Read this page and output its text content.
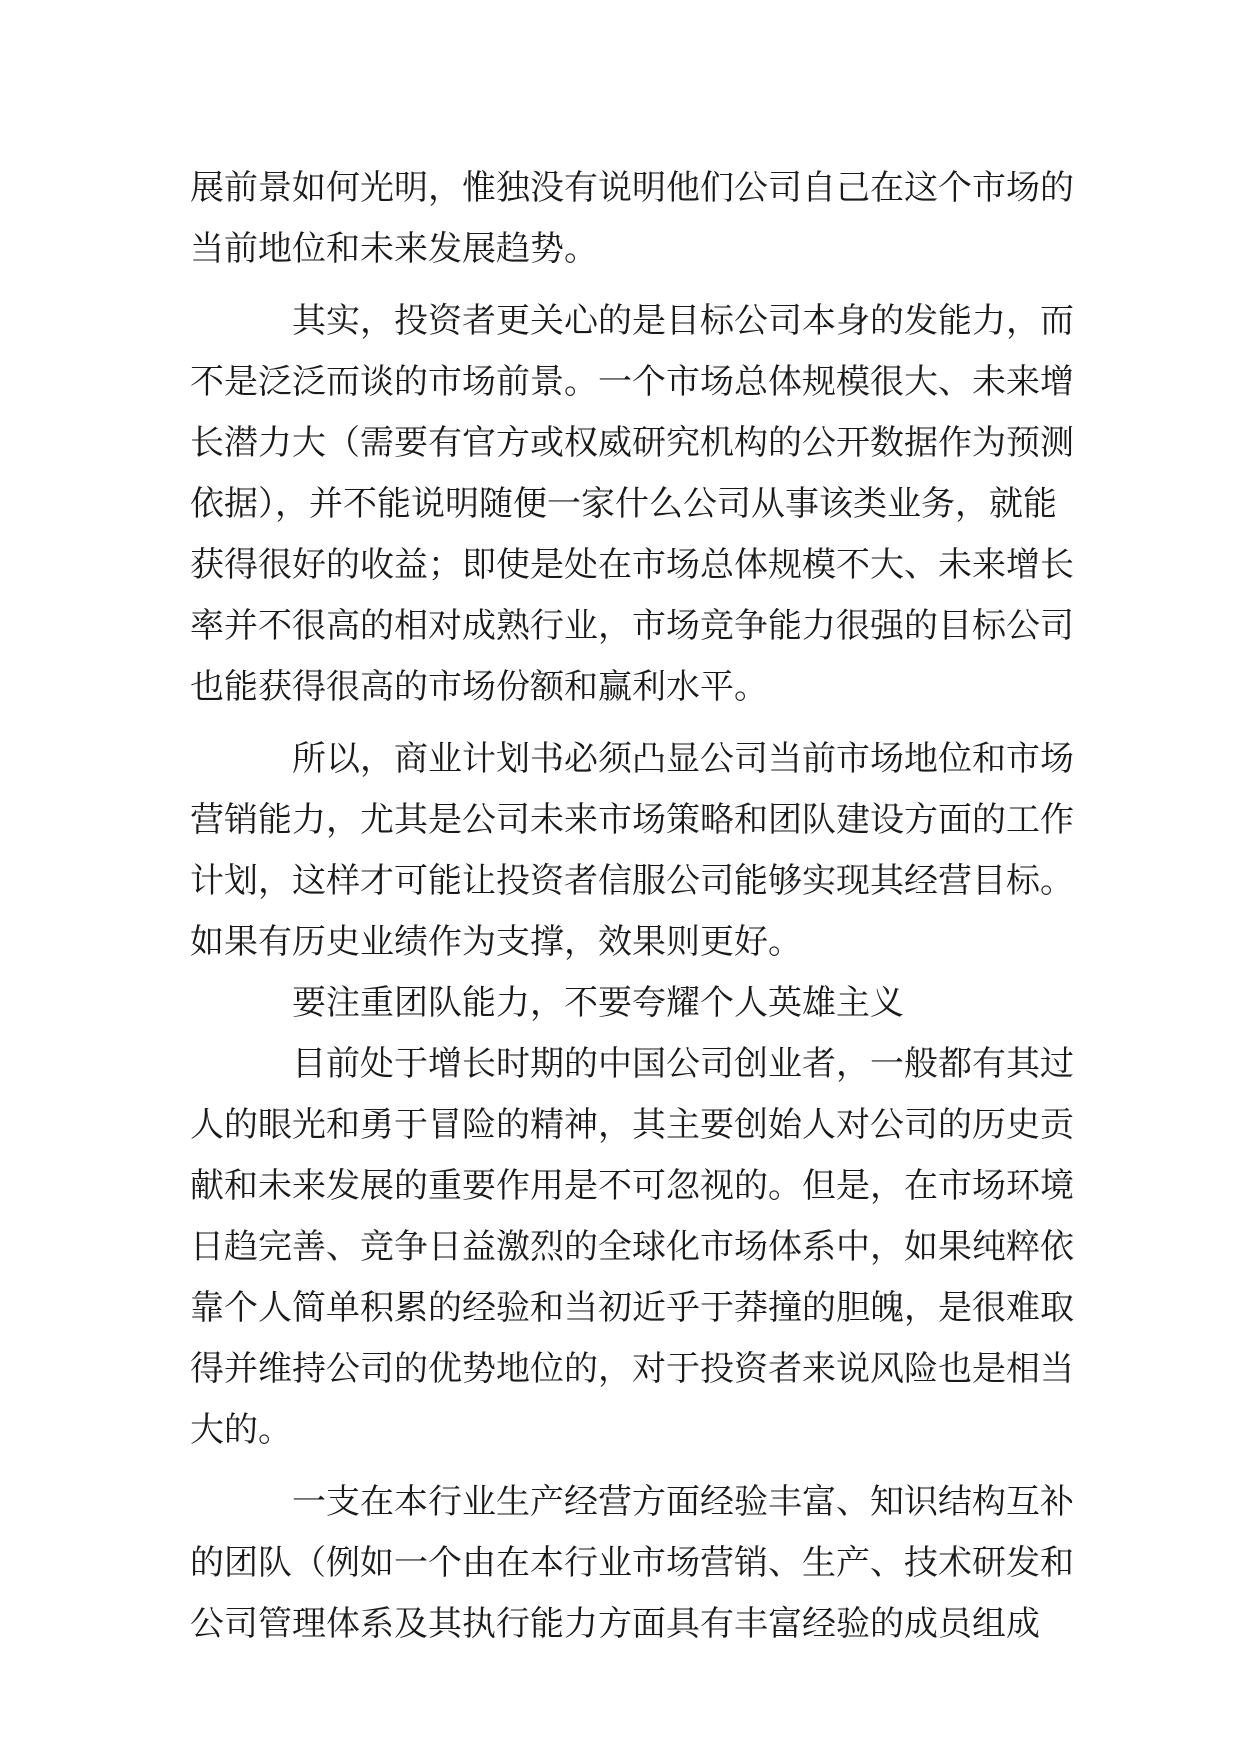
展前景如何光明，惟独没有说明他们公司自己在这个市场的
当前地位和未来发展趋势。
其实，投资者更关心的是目标公司本身的发能力，而
不是泛泛而谈的市场前景。一个市场总体规模很大、未来增
长潜力大（需要有官方或权威研究机构的公开数据作为预测
依据），并不能说明随便一家什么公司从事该类业务，就能
获得很好的收益；即使是处在市场总体规模不大、未来增长
率并不很高的相对成熟行业，市场竞争能力很强的目标公司
也能获得很高的市场份额和赢利水平。
所以，商业计划书必须凸显公司当前市场地位和市场
营销能力，尤其是公司未来市场策略和团队建设方面的工作
计划，这样才可能让投资者信服公司能够实现其经营目标。
如果有历史业绩作为支撑，效果则更好。
要注重团队能力，不要夸耀个人英雄主义
目前处于增长时期的中国公司创业者，一般都有其过
人的眼光和勇于冒险的精神，其主要创始人对公司的历史贡
献和未来发展的重要作用是不可忽视的。但是，在市场环境
日趋完善、竞争日益激烈的全球化市场体系中，如果纯粹依
靠个人简单积累的经验和当初近乎于莽撞的胆魄，是很难取
得并维持公司的优势地位的，对于投资者来说风险也是相当
大的。
一支在本行业生产经营方面经验丰富、知识结构互补
的团队（例如一个由在本行业市场营销、生产、技术研发和
公司管理体系及其执行能力方面具有丰富经验的成员组成
